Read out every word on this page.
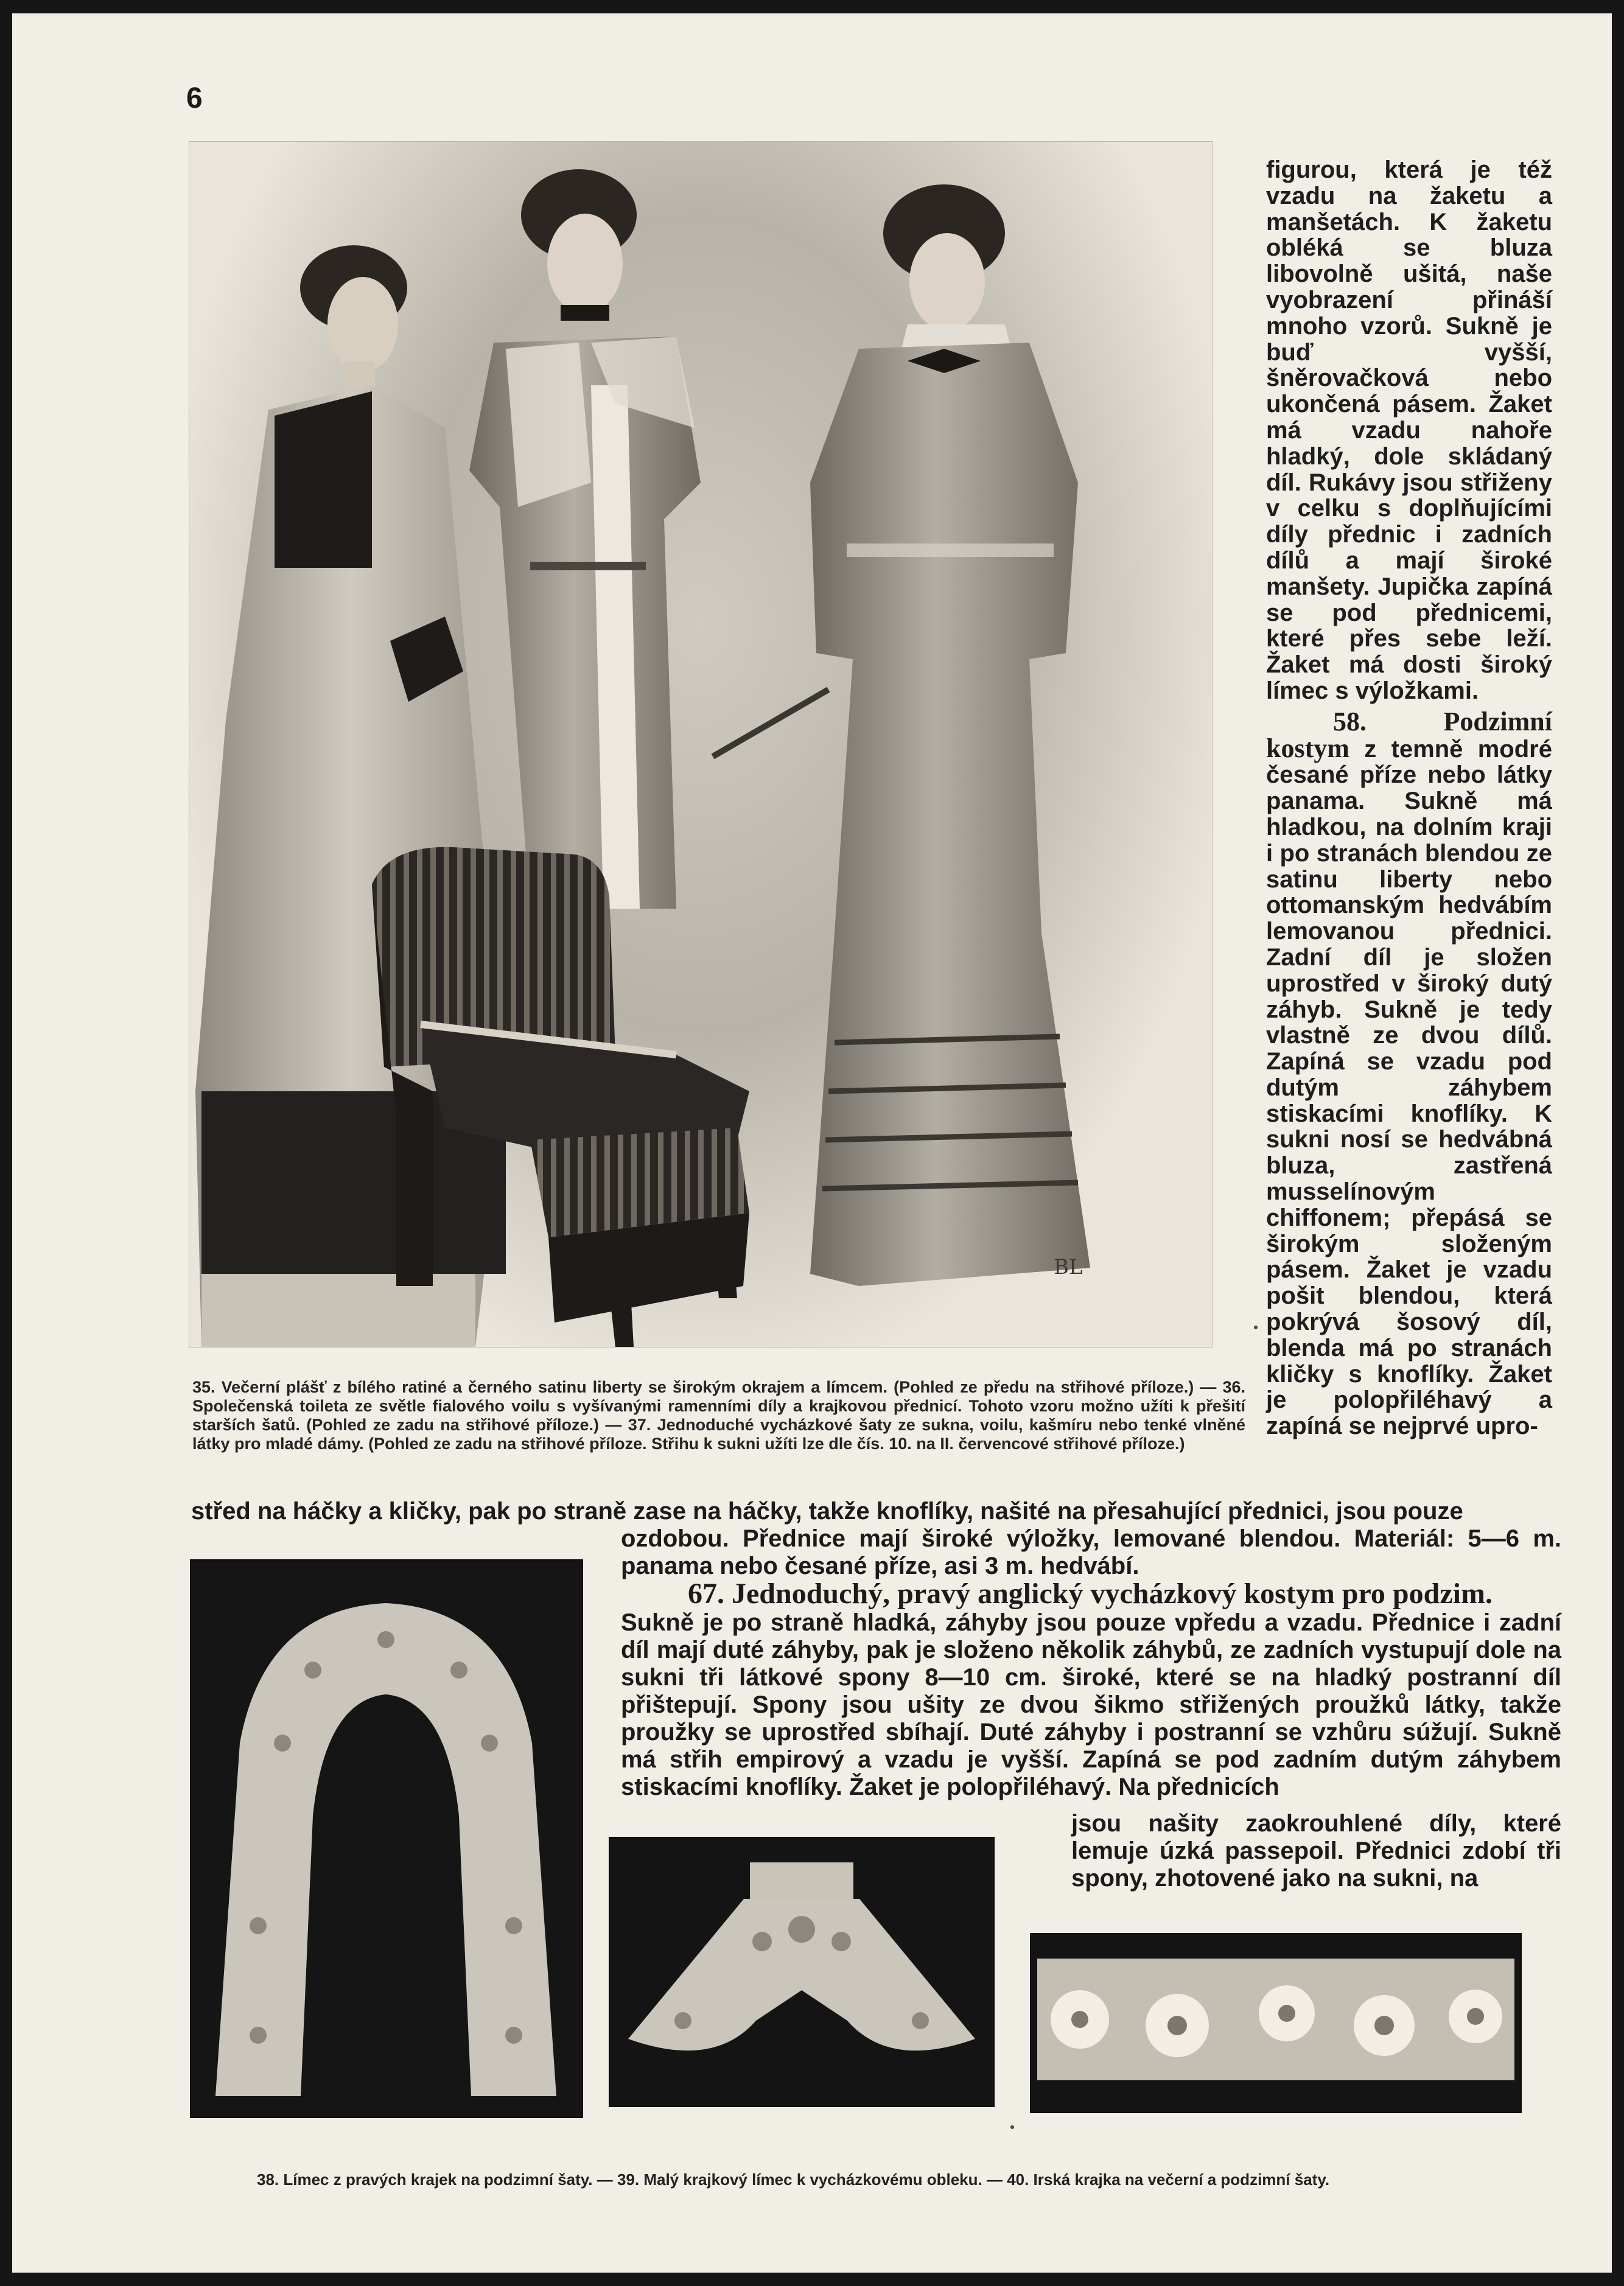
6
BL
35. Večerní plášť z bílého ratiné a černého satinu liberty se širokým okrajem a límcem. (Pohled ze předu na střihové příloze.) — 36. Společenská toileta ze světle fialového voilu s vyšívanými ramenními díly a krajkovou přednicí. Tohoto vzoru možno užíti k přešití starších šatů. (Pohled ze zadu na střihové příloze.) — 37. Jednoduché vycházkové šaty ze sukna, voilu, kašmíru nebo tenké vlněné látky pro mladé dámy. (Pohled ze zadu na střihové příloze. Střihu k sukni užíti lze dle čís. 10. na II. červencové střihové příloze.)

figurou, která je též vzadu na žaketu a manšetách. K žaketu obléká se bluza libovolně ušitá, naše vyobrazení přináší mnoho vzorů. Sukně je buď vyšší, šněrovačková nebo ukončená pásem. Žaket má vzadu nahoře hladký, dole skládaný díl. Rukávy jsou střiženy v celku s doplňujícími díly přednic i zadních dílů a mají široké manšety. Jupička zapíná se pod přednicemi, které přes sebe leží. Žaket má dosti široký límec s výložkami.

58. Podzimní kostym z temně modré česané příze nebo látky panama. Sukně má hladkou, na dolním kraji i po stranách blendou ze satinu liberty nebo ottomanským hedvábím lemovanou přednici. Zadní díl je složen uprostřed v široký dutý záhyb. Sukně je tedy vlastně ze dvou dílů. Zapíná se vzadu pod dutým záhybem stiskacími knoflíky. K sukni nosí se hedvábná bluza, zastřená musselínovým chiffonem; přepásá se širokým složeným pásem. Žaket je vzadu pošit blendou, která pokrývá šosový díl, blenda má po stranách kličky s knoflíky. Žaket je polopřiléhavý a zapíná se nejprvé upro-

střed na háčky a kličky, pak po straně zase na háčky, takže knoflíky, našité na přesahující přednici, jsou pouze

ozdobou. Přednice mají široké výložky, lemované blendou. Materiál: 5—6 m. panama nebo česané příze, asi 3 m. hedvábí.

67. Jednoduchý, pravý anglický vycházkový kostym pro podzim.

Sukně je po straně hladká, záhyby jsou pouze vpředu a vzadu. Přednice i zadní díl mají duté záhyby, pak je složeno několik záhybů, ze zadních vystupují dole na sukni tři látkové spony 8—10 cm. široké, které se na hladký postranní díl přištepují. Spony jsou ušity ze dvou šikmo střižených proužků látky, takže proužky se uprostřed sbíhají. Duté záhyby i postranní se vzhůru súžují. Sukně má střih empirový a vzadu je vyšší. Zapíná se pod zadním dutým záhybem stiskacími knoflíky. Žaket je polopřiléhavý. Na přednicích

jsou našity zaokrouhlené díly, které lemuje úzká passepoil. Přednici zdobí tři spony, zhotovené jako na sukni, na
38. Límec z pravých krajek na podzimní šaty. — 39. Malý krajkový límec k vycházkovému obleku. — 40. Irská krajka na večerní a podzimní šaty.
